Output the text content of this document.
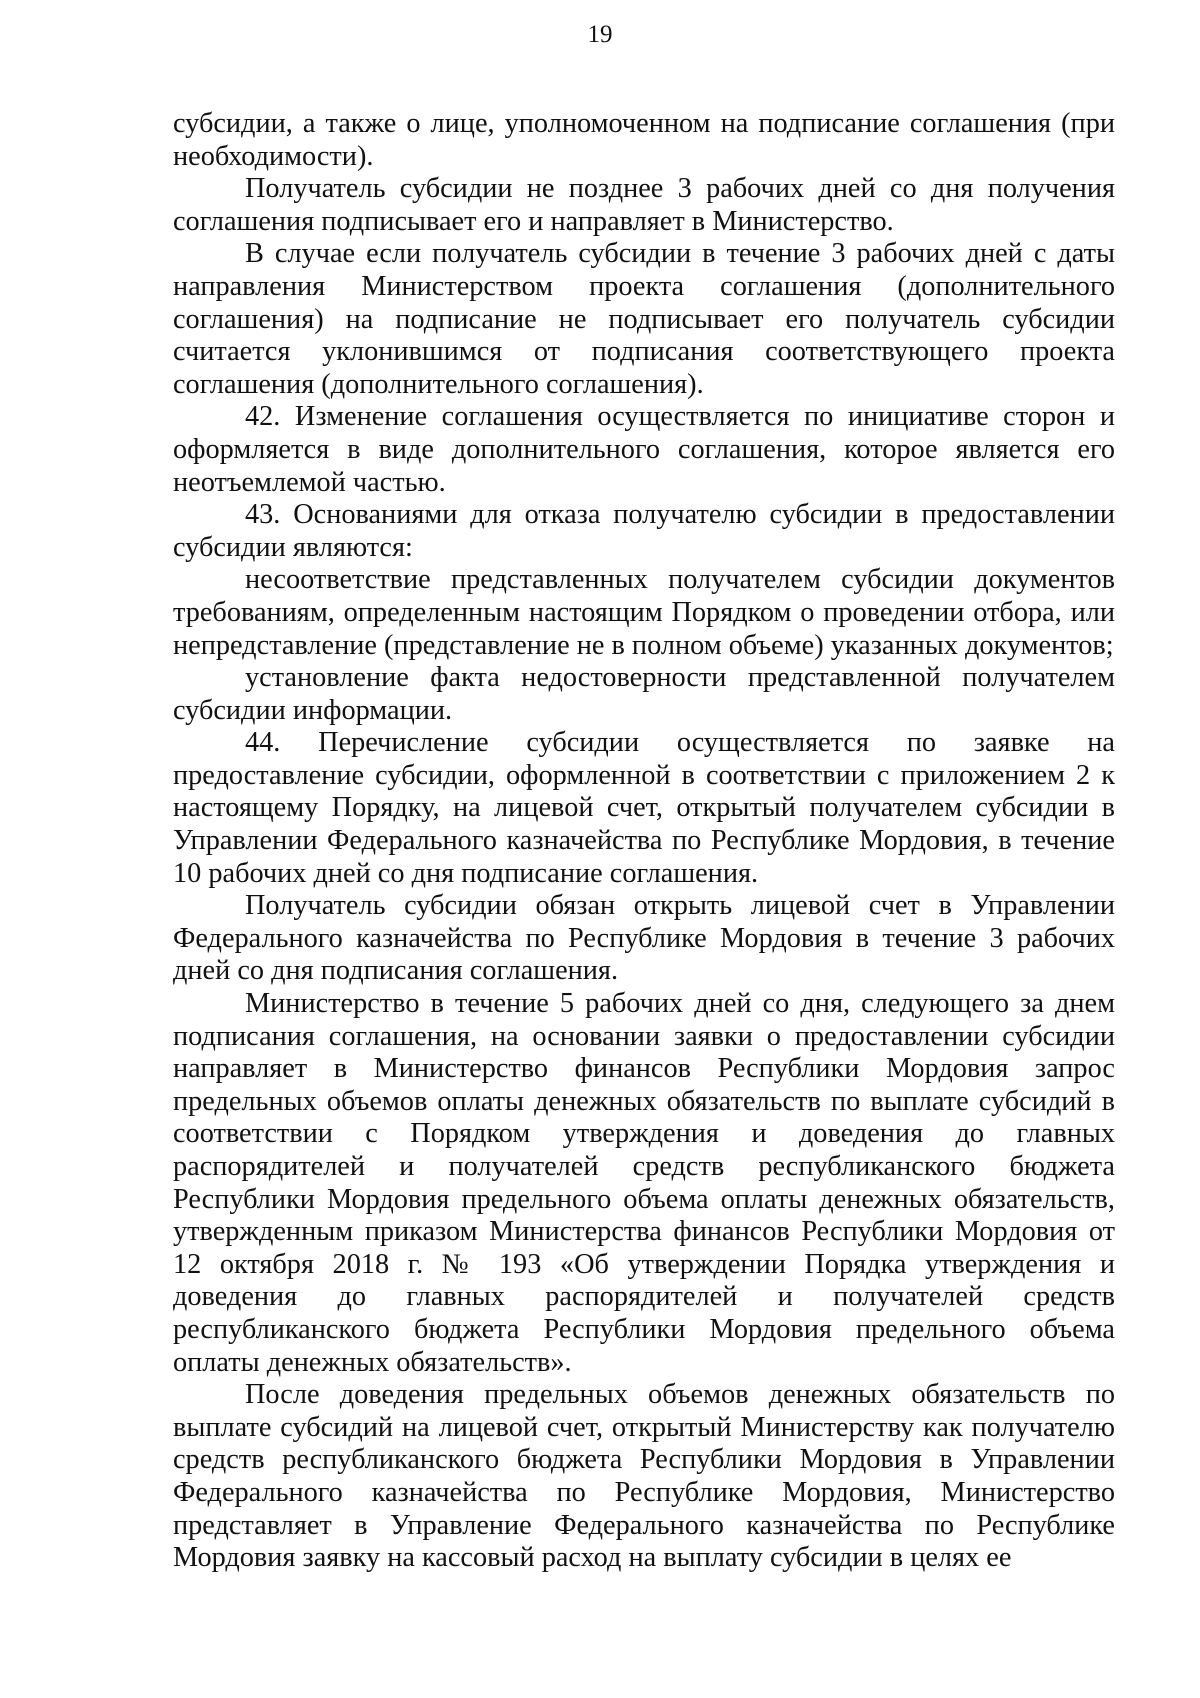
19

субсидии, а также о лице, уполномоченном на подписание соглашения (при необходимости).

Получатель субсидии не позднее 3 рабочих дней со дня получения соглашения подписывает его и направляет в Министерство.

В случае если получатель субсидии в течение 3 рабочих дней с даты направления Министерством проекта соглашения (дополнительного соглашения) на подписание не подписывает его получатель субсидии считается уклонившимся от подписания соответствующего проекта соглашения (дополнительного соглашения).

42. Изменение соглашения осуществляется по инициативе сторон и оформляется в виде дополнительного соглашения, которое является его неотъемлемой частью.

43. Основаниями для отказа получателю субсидии в предоставлении субсидии являются:

несоответствие представленных получателем субсидии документов требованиям, определенным настоящим Порядком о проведении отбора, или непредставление (представление не в полном объеме) указанных документов;

установление факта недостоверности представленной получателем субсидии информации.

44. Перечисление субсидии осуществляется по заявке на предоставление субсидии, оформленной в соответствии с приложением 2 к настоящему Порядку, на лицевой счет, открытый получателем субсидии в Управлении Федерального казначейства по Республике Мордовия, в течение 10 рабочих дней со дня подписание соглашения.

Получатель субсидии обязан открыть лицевой счет в Управлении Федерального казначейства по Республике Мордовия в течение 3 рабочих дней со дня подписания соглашения.

Министерство в течение 5 рабочих дней со дня, следующего за днем подписания соглашения, на основании заявки о предоставлении субсидии направляет в Министерство финансов Республики Мордовия запрос предельных объемов оплаты денежных обязательств по выплате субсидий в соответствии с Порядком утверждения и доведения до главных распорядителей и получателей средств республиканского бюджета Республики Мордовия предельного объема оплаты денежных обязательств, утвержденным приказом Министерства финансов Республики Мордовия от 12 октября 2018 г. № 193 «Об утверждении Порядка утверждения и доведения до главных распорядителей и получателей средств республиканского бюджета Республики Мордовия предельного объема оплаты денежных обязательств».

После доведения предельных объемов денежных обязательств по выплате субсидий на лицевой счет, открытый Министерству как получателю средств республиканского бюджета Республики Мордовия в Управлении Федерального казначейства по Республике Мордовия, Министерство представляет в Управление Федерального казначейства по Республике Мордовия заявку на кассовый расход на выплату субсидии в целях ее
